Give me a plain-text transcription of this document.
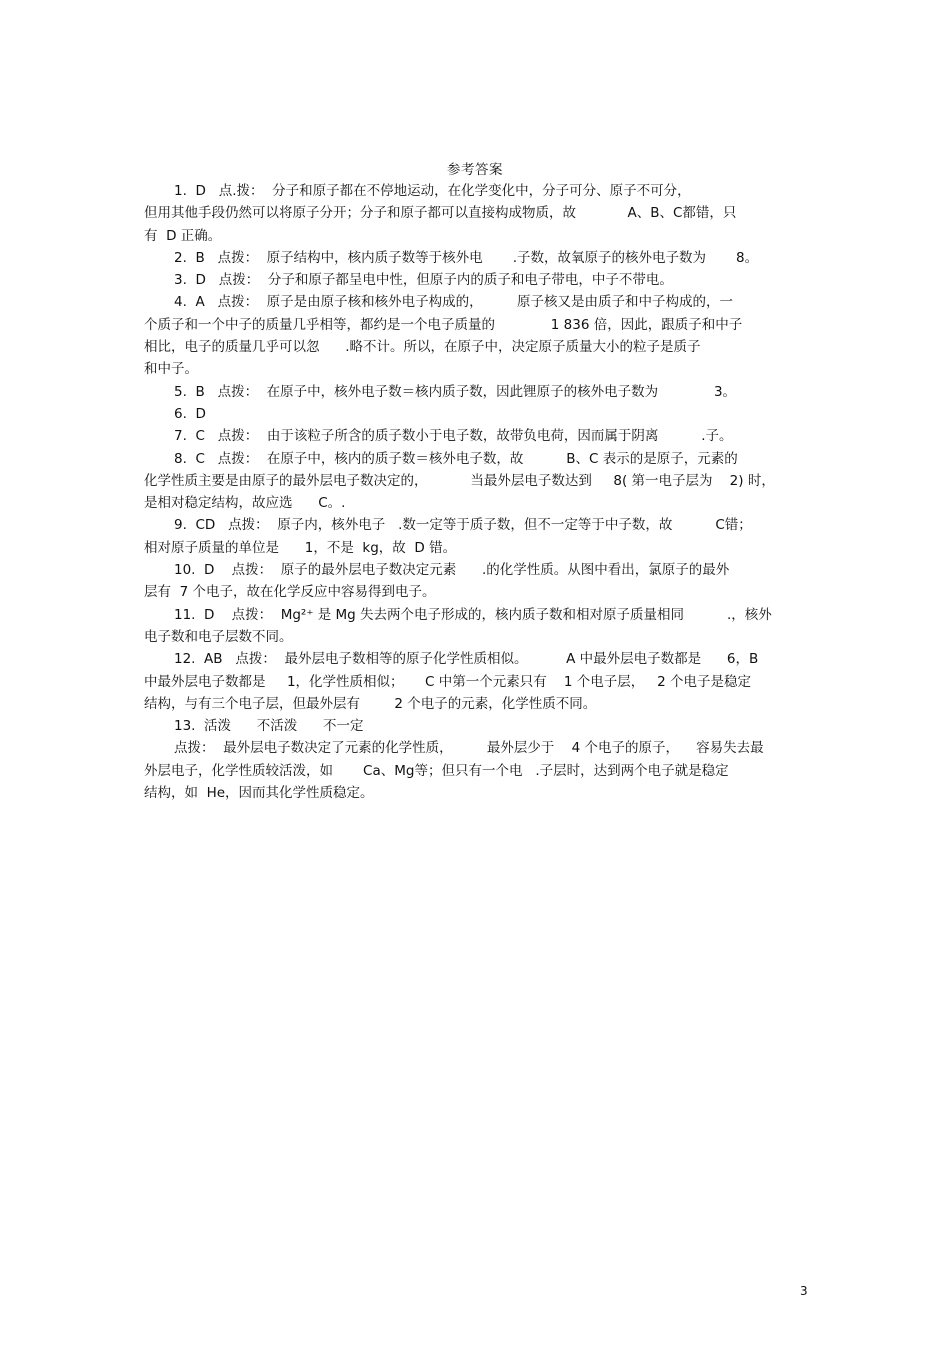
参考答案
1.  D   点.拨：  分子和原子都在不停地运动，在化学变化中，分子可分、原子不可分，
但用其他手段仍然可以将原子分开；分子和原子都可以直接构成物质，故            A、B、C都错，只
有  D 正确。
2.  B   点拨：  原子结构中，核内质子数等于核外电       .子数，故氧原子的核外电子数为       8。
3.  D   点拨：  分子和原子都呈电中性，但原子内的质子和电子带电，中子不带电。
4.  A   点拨：  原子是由原子核和核外电子构成的，        原子核又是由质子和中子构成的，一
个质子和一个中子的质量几乎相等，都约是一个电子质量的             1 836 倍，因此，跟质子和中子
相比，电子的质量几乎可以忽      .略不计。所以，在原子中，决定原子质量大小的粒子是质子
和中子。
5.  B   点拨：  在原子中，核外电子数＝核内质子数，因此锂原子的核外电子数为             3。
6.  D
7.  C   点拨：  由于该粒子所含的质子数小于电子数，故带负电荷，因而属于阴离          .子。
8.  C   点拨：  在原子中，核内的质子数＝核外电子数，故          B、C 表示的是原子，元素的
化学性质主要是由原子的最外层电子数决定的，          当最外层电子数达到     8( 第一电子层为    2) 时，
是相对稳定结构，故应选      C。.
9.  CD   点拨：  原子内，核外电子   .数一定等于质子数，但不一定等于中子数，故          C错；
相对原子质量的单位是      1，不是  kg，故  D 错。
10.  D    点拨：  原子的最外层电子数决定元素      .的化学性质。从图中看出，氯原子的最外
层有  7 个电子，故在化学反应中容易得到电子。
11.  D    点拨：  Mg²⁺ 是 Mg 失去两个电子形成的，核内质子数和相对原子质量相同          .，核外
电子数和电子层数不同。
12.  AB   点拨：  最外层电子数相等的原子化学性质相似。         A 中最外层电子数都是      6，B
中最外层电子数都是     1，化学性质相似；     C 中第一个元素只有    1 个电子层，   2 个电子是稳定
结构，与有三个电子层，但最外层有        2 个电子的元素，化学性质不同。
13.  活泼      不活泼      不一定
点拨：  最外层电子数决定了元素的化学性质，        最外层少于    4 个电子的原子，    容易失去最
外层电子，化学性质较活泼，如       Ca、Mg等；但只有一个电   .子层时，达到两个电子就是稳定
结构，如  He，因而其化学性质稳定。
3
